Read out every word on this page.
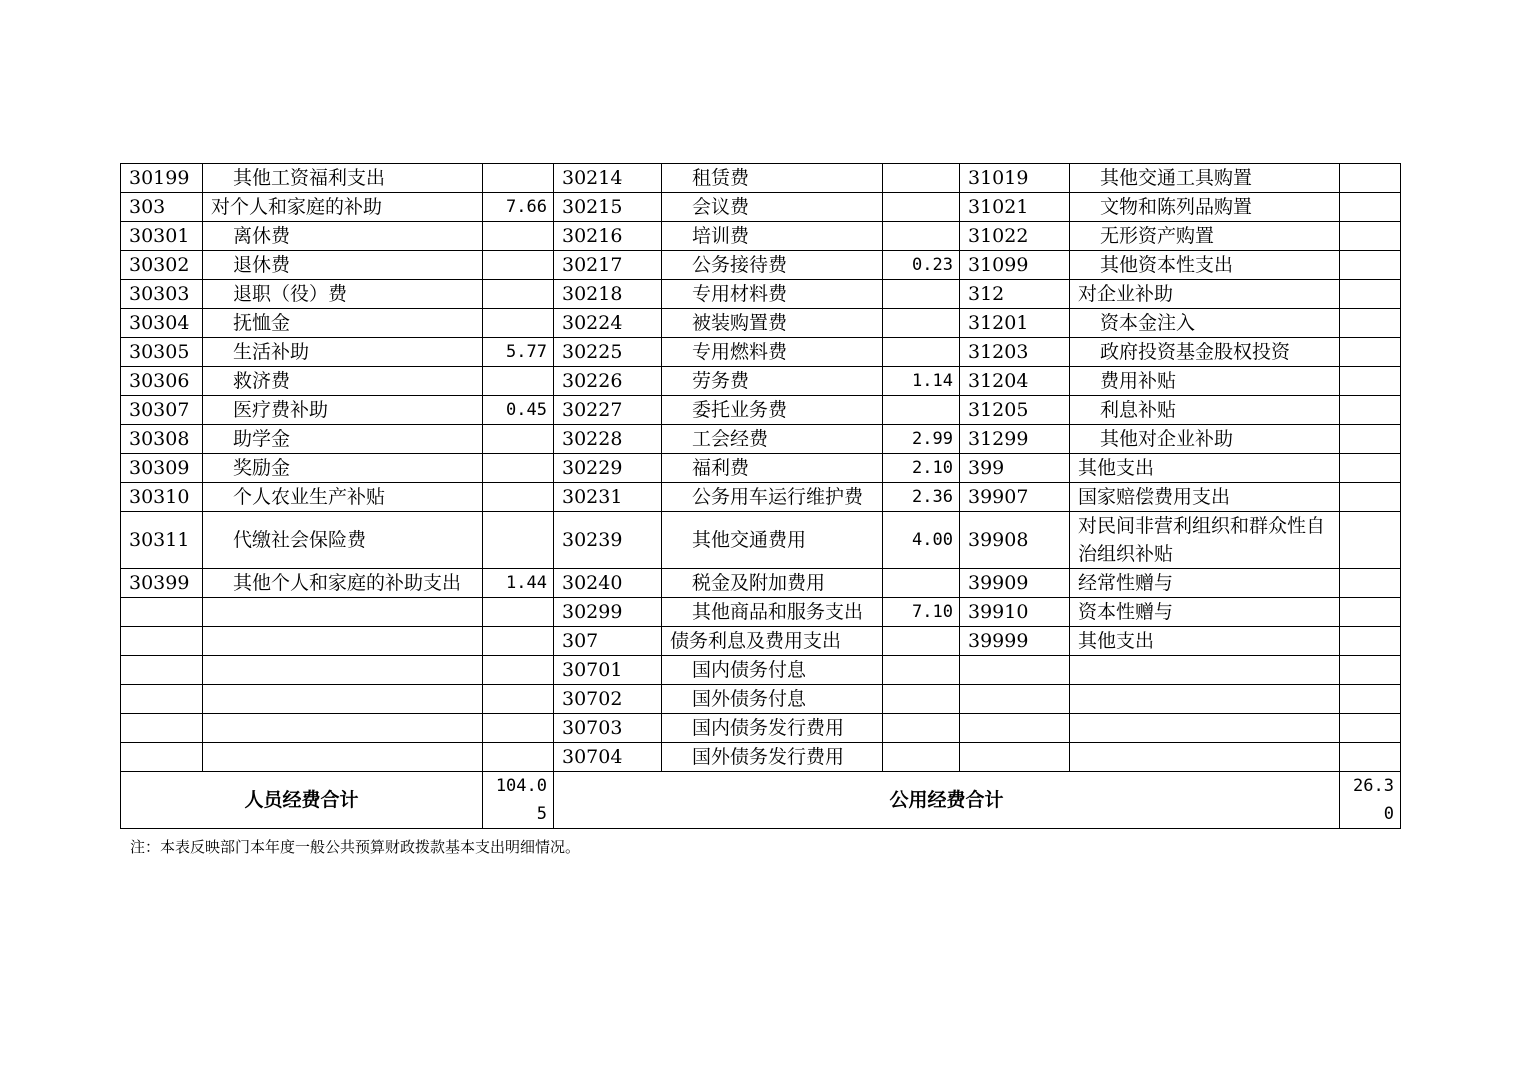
30199	其他工资福利支出		30214	租赁费		31019	其他交通工具购置	
303	对个人和家庭的补助	7.66	30215	会议费		31021	文物和陈列品购置	
30301	离休费		30216	培训费		31022	无形资产购置	
30302	退休费		30217	公务接待费	0.23	31099	其他资本性支出	
30303	退职（役）费		30218	专用材料费		312	对企业补助	
30304	抚恤金		30224	被装购置费		31201	资本金注入	
30305	生活补助	5.77	30225	专用燃料费		31203	政府投资基金股权投资	
30306	救济费		30226	劳务费	1.14	31204	费用补贴	
30307	医疗费补助	0.45	30227	委托业务费		31205	利息补贴	
30308	助学金		30228	工会经费	2.99	31299	其他对企业补助	
30309	奖励金		30229	福利费	2.10	399	其他支出	
30310	个人农业生产补贴		30231	公务用车运行维护费	2.36	39907	国家赔偿费用支出	
30311	代缴社会保险费		30239	其他交通费用	4.00	39908	对民间非营利组织和群众性自治组织补贴	
30399	其他个人和家庭的补助支出	1.44	30240	税金及附加费用		39909	经常性赠与	
			30299	其他商品和服务支出	7.10	39910	资本性赠与	
			307	债务利息及费用支出		39999	其他支出	
			30701	国内债务付息				
			30702	国外债务付息				
			30703	国内债务发行费用				
			30704	国外债务发行费用				
人员经费合计		104.05	公用经费合计					26.30
注：本表反映部门本年度一般公共预算财政拨款基本支出明细情况。
